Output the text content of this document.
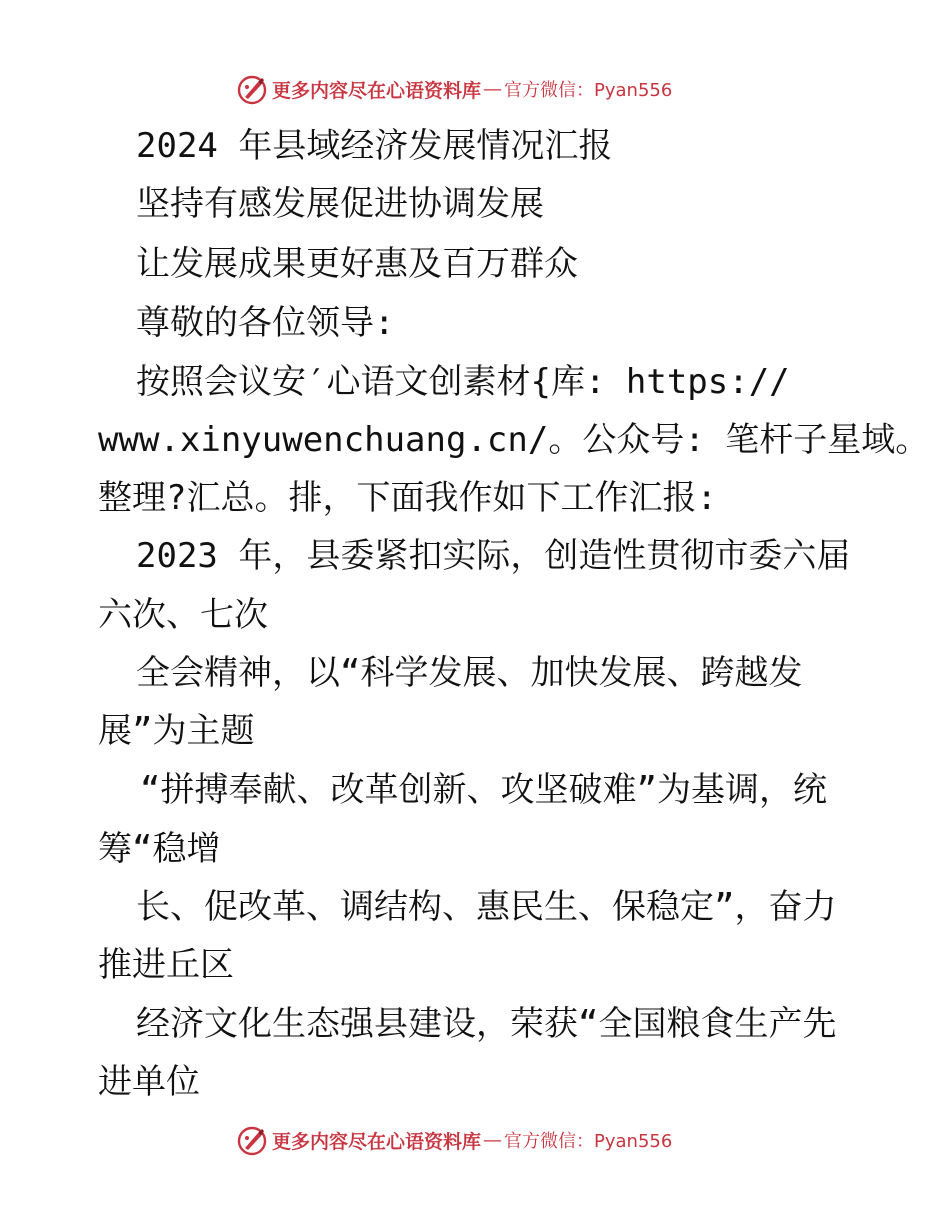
更多内容尽在心语资料库 — 官方微信：Pyan556
2024 年县域经济发展情况汇报
坚持有感发展促进协调发展
让发展成果更好惠及百万群众
尊敬的各位领导:
按照会议安′心语文创素材{库: https://
www.xinyuwenchuang.cn/。公众号: 笔杆子星域。
整理?汇总。排，下面我作如下工作汇报:
2023 年，县委紧扣实际，创造性贯彻市委六届
六次、七次
全会精神，以“科学发展、加快发展、跨越发
展”为主题
“拼搏奉献、改革创新、攻坚破难”为基调，统
筹“稳增
长、促改革、调结构、惠民生、保稳定”，奋力
推进丘区
经济文化生态强县建设，荣获“全国粮食生产先
进单位
更多内容尽在心语资料库 — 官方微信：Pyan556
